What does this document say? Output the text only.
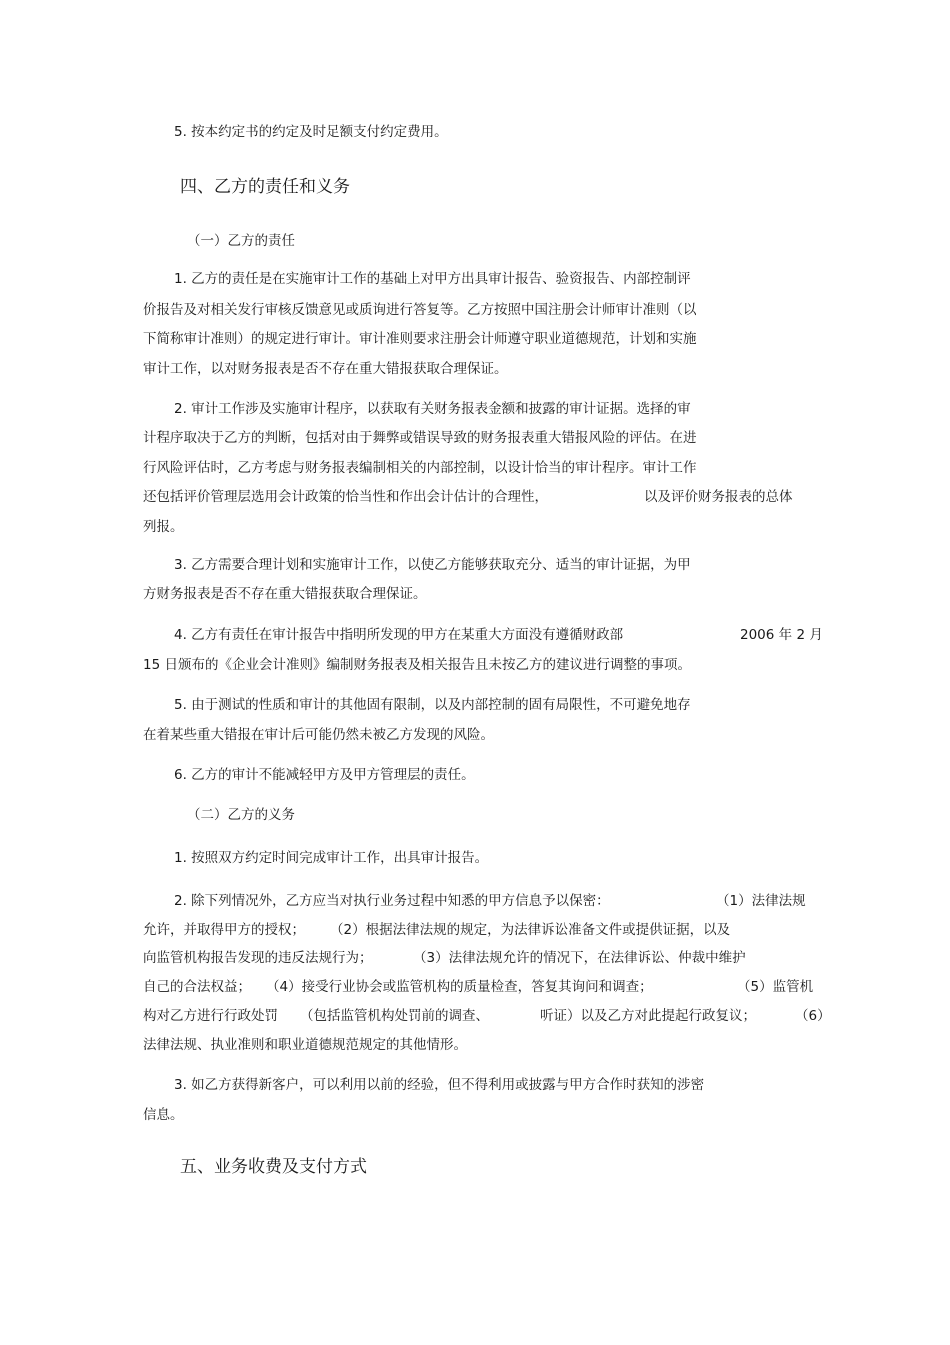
5. 按本约定书的约定及时足额支付约定费用。
四、乙方的责任和义务
（一）乙方的责任
1. 乙方的责任是在实施审计工作的基础上对甲方出具审计报告、验资报告、内部控制评
价报告及对相关发行审核反馈意见或质询进行答复等。乙方按照中国注册会计师审计准则（以
下简称审计准则）的规定进行审计。审计准则要求注册会计师遵守职业道德规范，计划和实施
审计工作，以对财务报表是否不存在重大错报获取合理保证。
2. 审计工作涉及实施审计程序，以获取有关财务报表金额和披露的审计证据。选择的审
计程序取决于乙方的判断，包括对由于舞弊或错误导致的财务报表重大错报风险的评估。在进
行风险评估时，乙方考虑与财务报表编制相关的内部控制，以设计恰当的审计程序。审计工作
还包括评价管理层选用会计政策的恰当性和作出会计估计的合理性，	以及评价财务报表的总体
列报。
3. 乙方需要合理计划和实施审计工作，以使乙方能够获取充分、适当的审计证据，为甲
方财务报表是否不存在重大错报获取合理保证。
4. 乙方有责任在审计报告中指明所发现的甲方在某重大方面没有遵循财政部	2006 年 2 月
15 日颁布的《企业会计准则》编制财务报表及相关报告且未按乙方的建议进行调整的事项。
5. 由于测试的性质和审计的其他固有限制，以及内部控制的固有局限性，不可避免地存
在着某些重大错报在审计后可能仍然未被乙方发现的风险。
6. 乙方的审计不能减轻甲方及甲方管理层的责任。
（二）乙方的义务
1. 按照双方约定时间完成审计工作，出具审计报告。
2. 除下列情况外，乙方应当对执行业务过程中知悉的甲方信息予以保密：	（1）法律法规
允许，并取得甲方的授权； （2）根据法律法规的规定，为法律诉讼准备文件或提供证据，以及
向监管机构报告发现的违反法规行为；	（3）法律法规允许的情况下，在法律诉讼、仲裁中维护
自己的合法权益； （4）接受行业协会或监管机构的质量检查，答复其询问和调查；	（5）监管机
构对乙方进行行政处罚 （包括监管机构处罚前的调查、	听证）以及乙方对此提起行政复议；	（6）
法律法规、执业准则和职业道德规范规定的其他情形。
3. 如乙方获得新客户，可以利用以前的经验，但不得利用或披露与甲方合作时获知的涉密
信息。
五、业务收费及支付方式
